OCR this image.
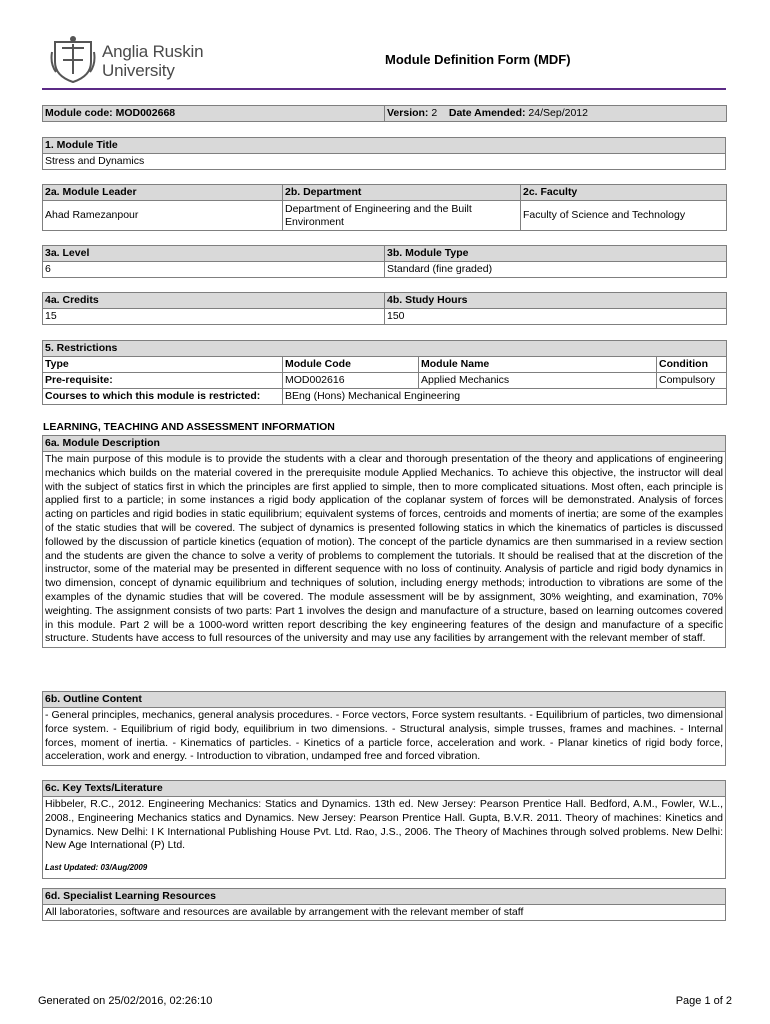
Anglia Ruskin
University
Module Definition Form (MDF)
Module code: MOD002668	Version: 2 Date Amended: 24/Sep/2012
1. Module Title
Stress and Dynamics
2a. Module Leader	2b. Department	2c. Faculty
Ahad Ramezanpour	Department of Engineering and the Built Environment	Faculty of Science and Technology
3a. Level	3b. Module Type
6	Standard (fine graded)
4a. Credits	4b. Study Hours
15	150
5. Restrictions			
Type	Module Code	Module Name	Condition
Pre-requisite:	MOD002616	Applied Mechanics	Compulsory
Courses to which this module is restricted:	BEng (Hons) Mechanical Engineering		
LEARNING, TEACHING AND ASSESSMENT INFORMATION
6a. Module Description
The main purpose of this module is to provide the students with a clear and thorough presentation of the theory and applications of engineering mechanics which builds on the material covered in the prerequisite module Applied Mechanics. To achieve this objective, the instructor will deal with the subject of statics first in which the principles are first applied to simple, then to more complicated situations. Most often, each principle is applied first to a particle; in some instances a rigid body application of the coplanar system of forces will be demonstrated. Analysis of forces acting on particles and rigid bodies in static equilibrium; equivalent systems of forces, centroids and moments of inertia; are some of the examples of the static studies that will be covered. The subject of dynamics is presented following statics in which the kinematics of particles is discussed followed by the discussion of particle kinetics (equation of motion). The concept of the particle dynamics are then summarised in a review section and the students are given the chance to solve a verity of problems to complement the tutorials. It should be realised that at the discretion of the instructor, some of the material may be presented in different sequence with no loss of continuity. Analysis of particle and rigid body dynamics in two dimension, concept of dynamic equilibrium and techniques of solution, including energy methods; introduction to vibrations are some of the examples of the dynamic studies that will be covered. The module assessment will be by assignment, 30% weighting, and examination, 70% weighting. The assignment consists of two parts: Part 1 involves the design and manufacture of a structure, based on learning outcomes covered in this module. Part 2 will be a 1000-word written report describing the key engineering features of the design and manufacture of a specific structure. Students have access to full resources of the university and may use any facilities by arrangement with the relevant member of staff.
6b. Outline Content
- General principles, mechanics, general analysis procedures. - Force vectors, Force system resultants. - Equilibrium of particles, two dimensional force system. - Equilibrium of rigid body, equilibrium in two dimensions. - Structural analysis, simple trusses, frames and machines. - Internal forces, moment of inertia. - Kinematics of particles. - Kinetics of a particle force, acceleration and work. - Planar kinetics of rigid body force, acceleration, work and energy. - Introduction to vibration, undamped free and forced vibration.
6c. Key Texts/Literature
Hibbeler, R.C., 2012. Engineering Mechanics: Statics and Dynamics. 13th ed. New Jersey: Pearson Prentice Hall. Bedford, A.M., Fowler, W.L., 2008., Engineering Mechanics statics and Dynamics. New Jersey: Pearson Prentice Hall. Gupta, B.V.R. 2011. Theory of machines: Kinetics and Dynamics. New Delhi: I K International Publishing House Pvt. Ltd. Rao, J.S., 2006. The Theory of Machines through solved problems. New Delhi: New Age International (P) Ltd.
Last Updated: 03/Aug/2009
6d. Specialist Learning Resources
All laboratories, software and resources are available by arrangement with the relevant member of staff
Generated on 25/02/2016, 02:26:10	Page 1 of 2
